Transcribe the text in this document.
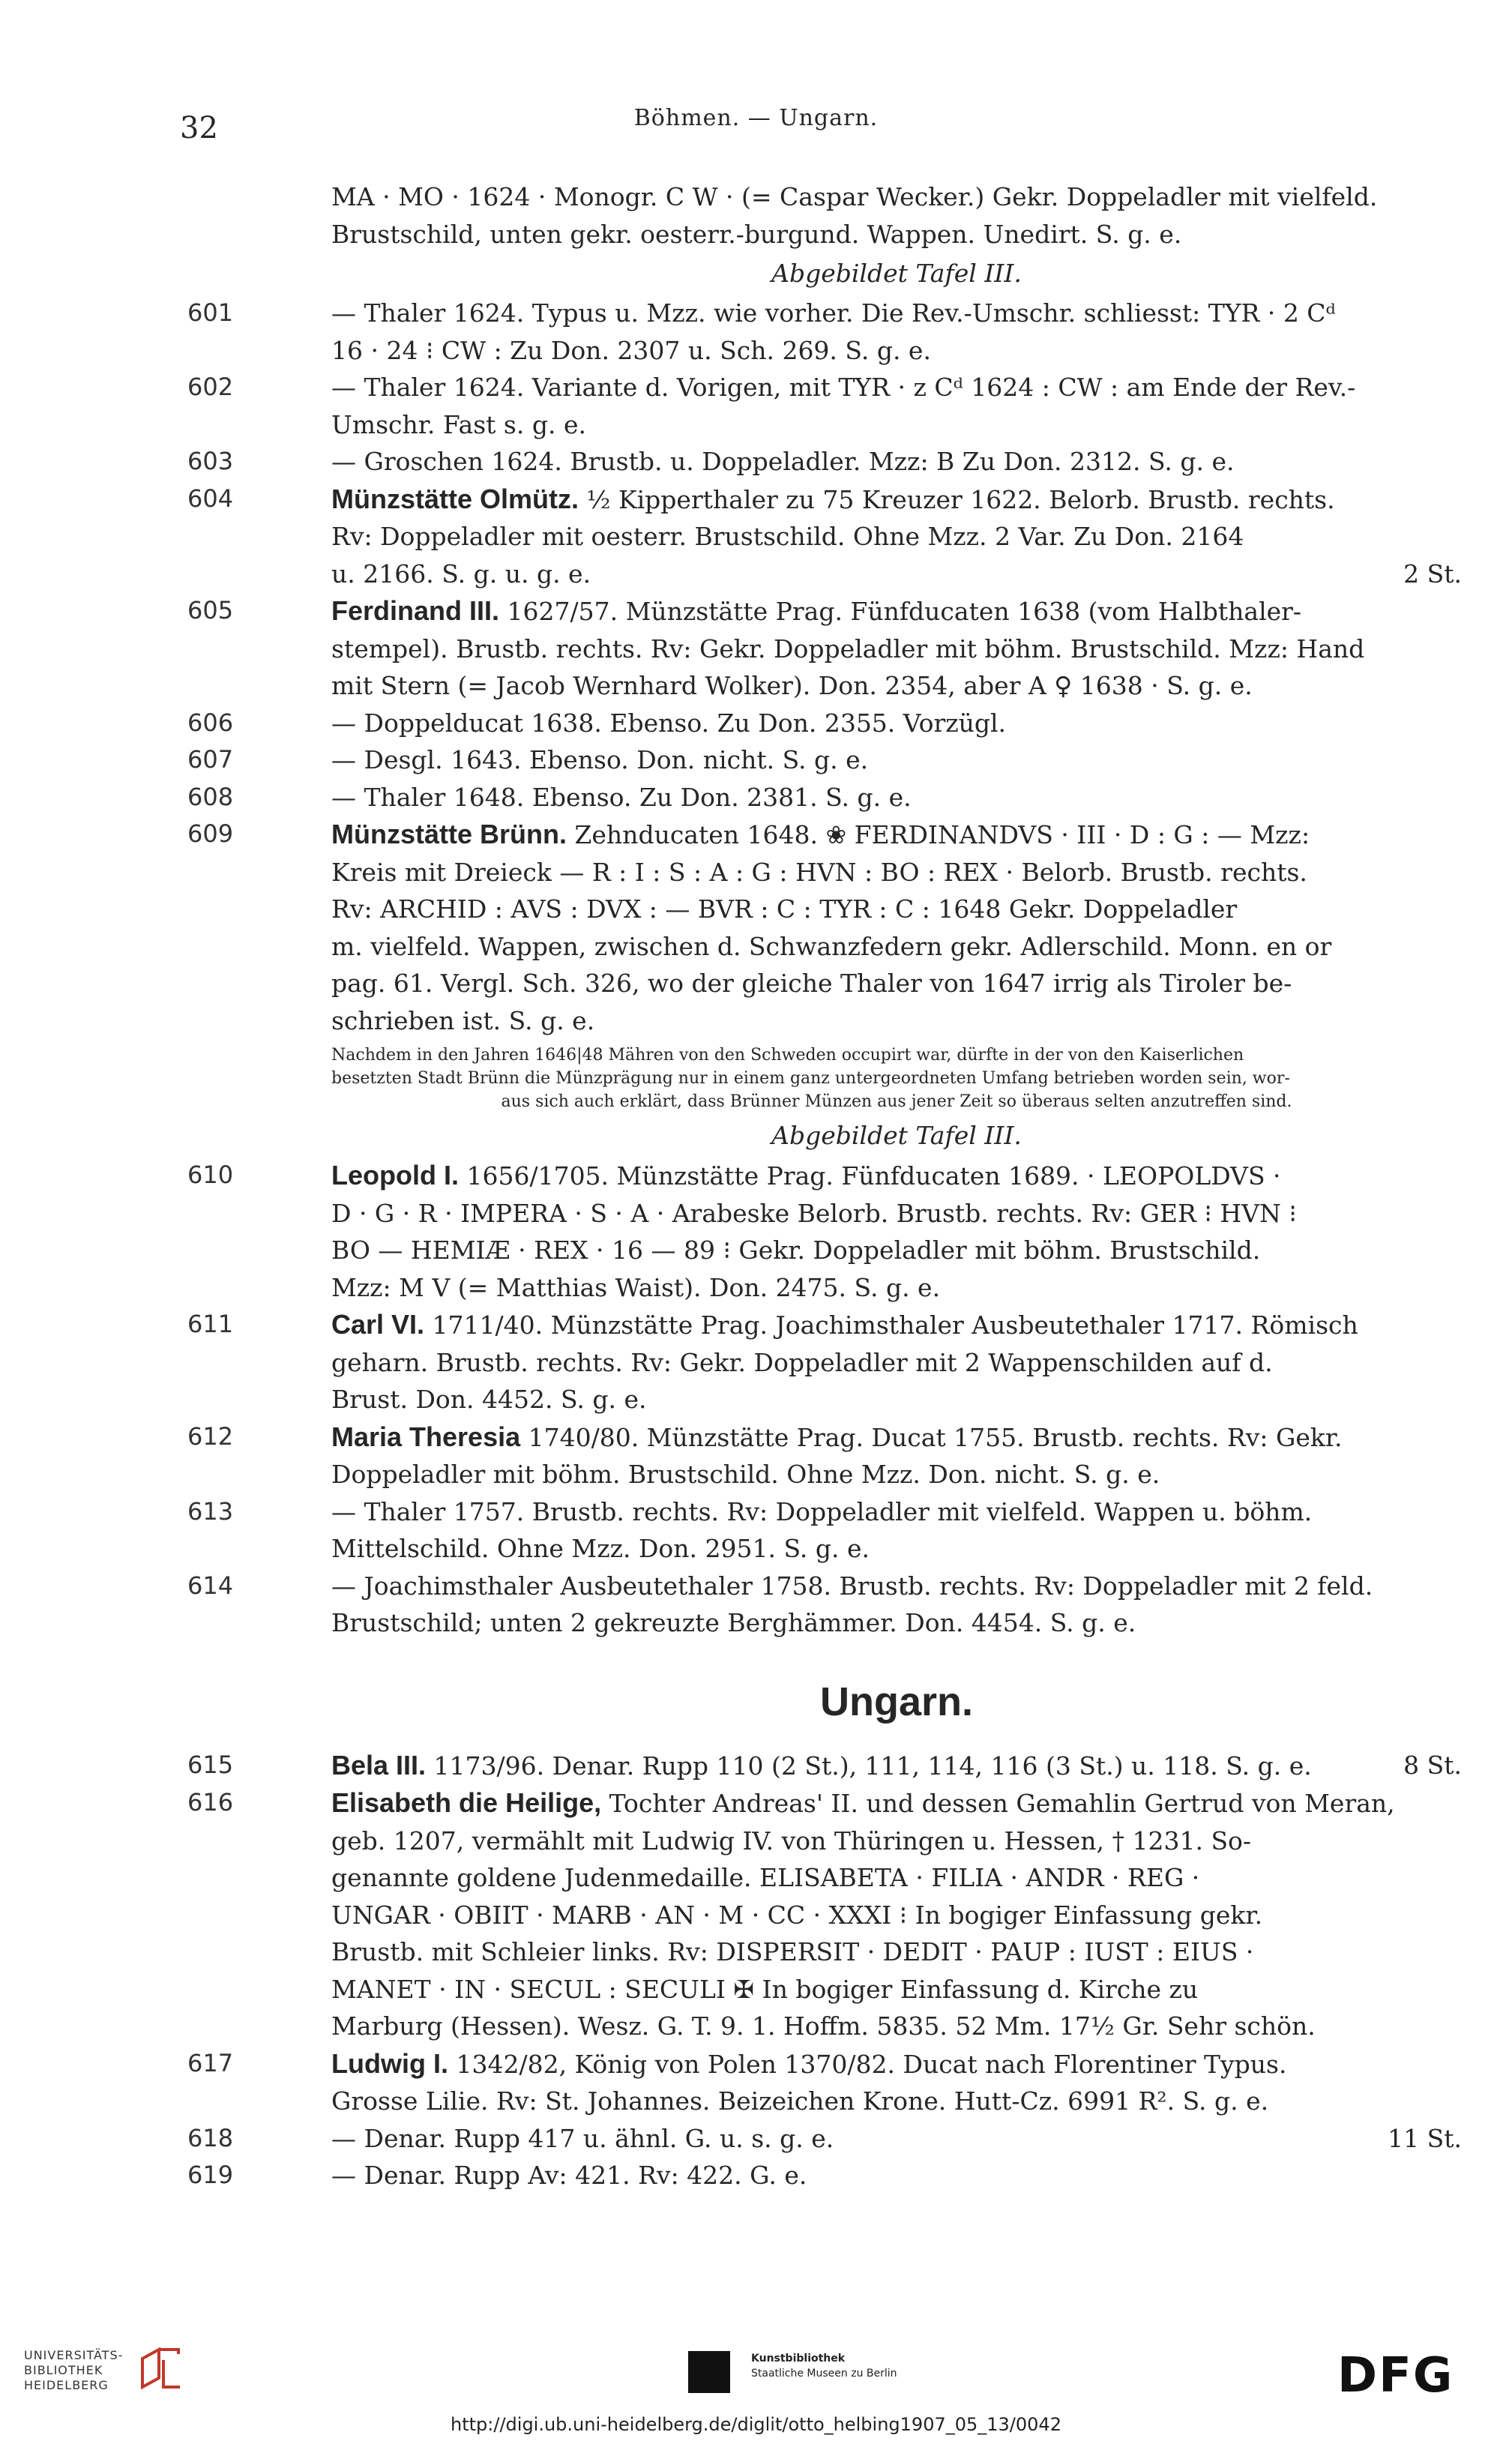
32	Böhmen. — Ungarn.
MA · MO · 1624 · Monogr. C W · (= Caspar Wecker.) Gekr. Doppeladler mit vielfeld.
Brustschild, unten gekr. oesterr.-burgund. Wappen. Unedirt. S. g. e.
Abgebildet Tafel III.
601	— Thaler 1624. Typus u. Mzz. wie vorher. Die Rev.-Umschr. schliesst: TYR · 2 Cᵈ
16 · 24 ⁝ CW : Zu Don. 2307 u. Sch. 269. S. g. e.
602	— Thaler 1624. Variante d. Vorigen, mit TYR · z Cᵈ 1624 : CW : am Ende der Rev.-
Umschr. Fast s. g. e.
603	— Groschen 1624. Brustb. u. Doppeladler. Mzz: B Zu Don. 2312. S. g. e.
604	Münzstätte Olmütz. ½ Kipperthaler zu 75 Kreuzer 1622. Belorb. Brustb. rechts.
Rv: Doppeladler mit oesterr. Brustschild. Ohne Mzz. 2 Var. Zu Don. 2164
u. 2166. S. g. u. g. e.	2 St.
605	Ferdinand III. 1627/57. Münzstätte Prag. Fünfducaten 1638 (vom Halbthaler-
stempel). Brustb. rechts. Rv: Gekr. Doppeladler mit böhm. Brustschild. Mzz: Hand
mit Stern (= Jacob Wernhard Wolker). Don. 2354, aber A ♀ 1638 · S. g. e.
606	— Doppelducat 1638. Ebenso. Zu Don. 2355. Vorzügl.
607	— Desgl. 1643. Ebenso. Don. nicht. S. g. e.
608	— Thaler 1648. Ebenso. Zu Don. 2381. S. g. e.
609	Münzstätte Brünn. Zehnducaten 1648. ❀ FERDINANDVS · III · D : G : — Mzz:
Kreis mit Dreieck — R : I : S : A : G : HVN : BO : REX · Belorb. Brustb. rechts.
Rv: ARCHID : AVS : DVX : — BVR : C : TYR : C : 1648 Gekr. Doppeladler
m. vielfeld. Wappen, zwischen d. Schwanzfedern gekr. Adlerschild. Monn. en or
pag. 61. Vergl. Sch. 326, wo der gleiche Thaler von 1647 irrig als Tiroler be-
schrieben ist. S. g. e.
Nachdem in den Jahren 1646|48 Mähren von den Schweden occupirt war, dürfte in der von den Kaiserlichen
besetzten Stadt Brünn die Münzprägung nur in einem ganz untergeordneten Umfang betrieben worden sein, wor-
aus sich auch erklärt, dass Brünner Münzen aus jener Zeit so überaus selten anzutreffen sind.
Abgebildet Tafel III.
610	Leopold I. 1656/1705. Münzstätte Prag. Fünfducaten 1689. · LEOPOLDVS ·
D · G · R · IMPERA · S · A · Arabeske Belorb. Brustb. rechts. Rv: GER ⁝ HVN ⁝
BO — HEMIÆ · REX · 16 — 89 ⁝ Gekr. Doppeladler mit böhm. Brustschild.
Mzz: M V (= Matthias Waist). Don. 2475. S. g. e.
611	Carl VI. 1711/40. Münzstätte Prag. Joachimsthaler Ausbeutethaler 1717. Römisch
geharn. Brustb. rechts. Rv: Gekr. Doppeladler mit 2 Wappenschilden auf d.
Brust. Don. 4452. S. g. e.
612	Maria Theresia 1740/80. Münzstätte Prag. Ducat 1755. Brustb. rechts. Rv: Gekr.
Doppeladler mit böhm. Brustschild. Ohne Mzz. Don. nicht. S. g. e.
613	— Thaler 1757. Brustb. rechts. Rv: Doppeladler mit vielfeld. Wappen u. böhm.
Mittelschild. Ohne Mzz. Don. 2951. S. g. e.
614	— Joachimsthaler Ausbeutethaler 1758. Brustb. rechts. Rv: Doppeladler mit 2 feld.
Brustschild; unten 2 gekreuzte Berghämmer. Don. 4454. S. g. e.
Ungarn.
615	Bela III. 1173/96. Denar. Rupp 110 (2 St.), 111, 114, 116 (3 St.) u. 118. S. g. e.	8 St.
616	Elisabeth die Heilige, Tochter Andreas' II. und dessen Gemahlin Gertrud von Meran,
geb. 1207, vermählt mit Ludwig IV. von Thüringen u. Hessen, † 1231. So-
genannte goldene Judenmedaille. ELISABETA · FILIA · ANDR · REG ·
UNGAR · OBIIT · MARB · AN · M · CC · XXXI ⁝ In bogiger Einfassung gekr.
Brustb. mit Schleier links. Rv: DISPERSIT · DEDIT · PAUP : IUST : EIUS ·
MANET · IN · SECUL : SECULI ✠ In bogiger Einfassung d. Kirche zu
Marburg (Hessen). Wesz. G. T. 9. 1. Hoffm. 5835. 52 Mm. 17½ Gr. Sehr schön.
617	Ludwig I. 1342/82, König von Polen 1370/82. Ducat nach Florentiner Typus.
Grosse Lilie. Rv: St. Johannes. Beizeichen Krone. Hutt-Cz. 6991 R². S. g. e.
618	— Denar. Rupp 417 u. ähnl. G. u. s. g. e.	11 St.
619	— Denar. Rupp Av: 421. Rv: 422. G. e.
UNIVERSITÄTS-
BIBLIOTHEK
HEIDELBERG
Kunstbibliothek
Staatliche Museen zu Berlin	DFG
http://digi.ub.uni-heidelberg.de/diglit/otto_helbing1907_05_13/0042
